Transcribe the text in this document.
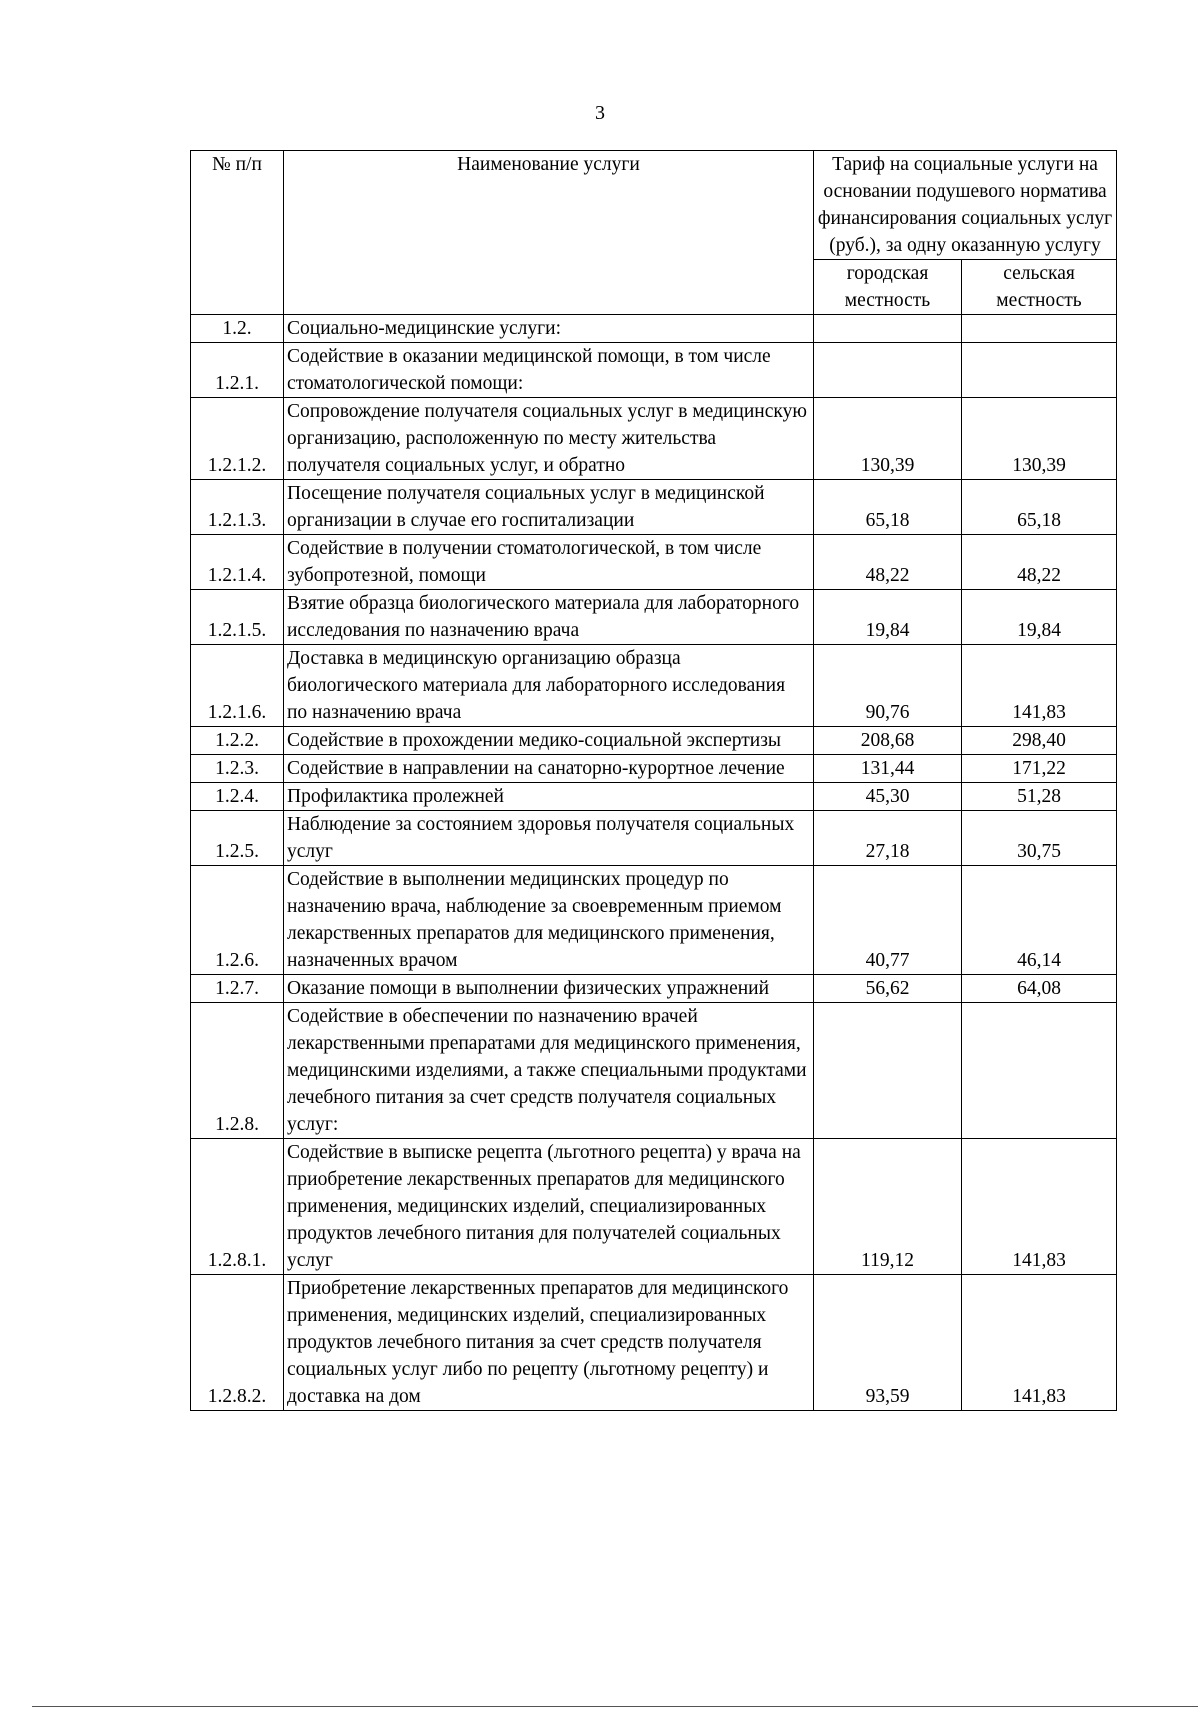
3
№ п/п	Наименование услуги	Тариф на социальные услуги на основании подушевого норматива финансирования социальных услуг (руб.), за одну оказанную услугу	
		городская местность	сельская местность
1.2.	Социально-медицинские услуги:		
1.2.1.	Содействие в оказании медицинской помощи, в том числе стоматологической помощи:		
1.2.1.2.	Сопровождение получателя социальных услуг в медицинскую организацию, расположенную по месту жительства получателя социальных услуг, и обратно	130,39	130,39
1.2.1.3.	Посещение получателя социальных услуг в медицинской организации в случае его госпитализации	65,18	65,18
1.2.1.4.	Содействие в получении стоматологической, в том числе зубопротезной, помощи	48,22	48,22
1.2.1.5.	Взятие образца биологического материала для лабораторного исследования по назначению врача	19,84	19,84
1.2.1.6.	Доставка в медицинскую организацию образца биологического материала для лабораторного исследования по назначению врача	90,76	141,83
1.2.2.	Содействие в прохождении медико-социальной экспертизы	208,68	298,40
1.2.3.	Содействие в направлении на санаторно-курортное лечение	131,44	171,22
1.2.4.	Профилактика пролежней	45,30	51,28
1.2.5.	Наблюдение за состоянием здоровья получателя социальных услуг	27,18	30,75
1.2.6.	Содействие в выполнении медицинских процедур по назначению врача, наблюдение за своевременным приемом лекарственных препаратов для медицинского применения, назначенных врачом	40,77	46,14
1.2.7.	Оказание помощи в выполнении физических упражнений	56,62	64,08
1.2.8.	Содействие в обеспечении по назначению врачей лекарственными препаратами для медицинского применения, медицинскими изделиями, а также специальными продуктами лечебного питания за счет средств получателя социальных услуг:		
1.2.8.1.	Содействие в выписке рецепта (льготного рецепта) у врача на приобретение лекарственных препаратов для медицинского применения, медицинских изделий, специализированных продуктов лечебного питания для получателей социальных услуг	119,12	141,83
1.2.8.2.	Приобретение лекарственных препаратов для медицинского применения, медицинских изделий, специализированных продуктов лечебного питания за счет средств получателя социальных услуг либо по рецепту (льготному рецепту) и доставка на дом	93,59	141,83
